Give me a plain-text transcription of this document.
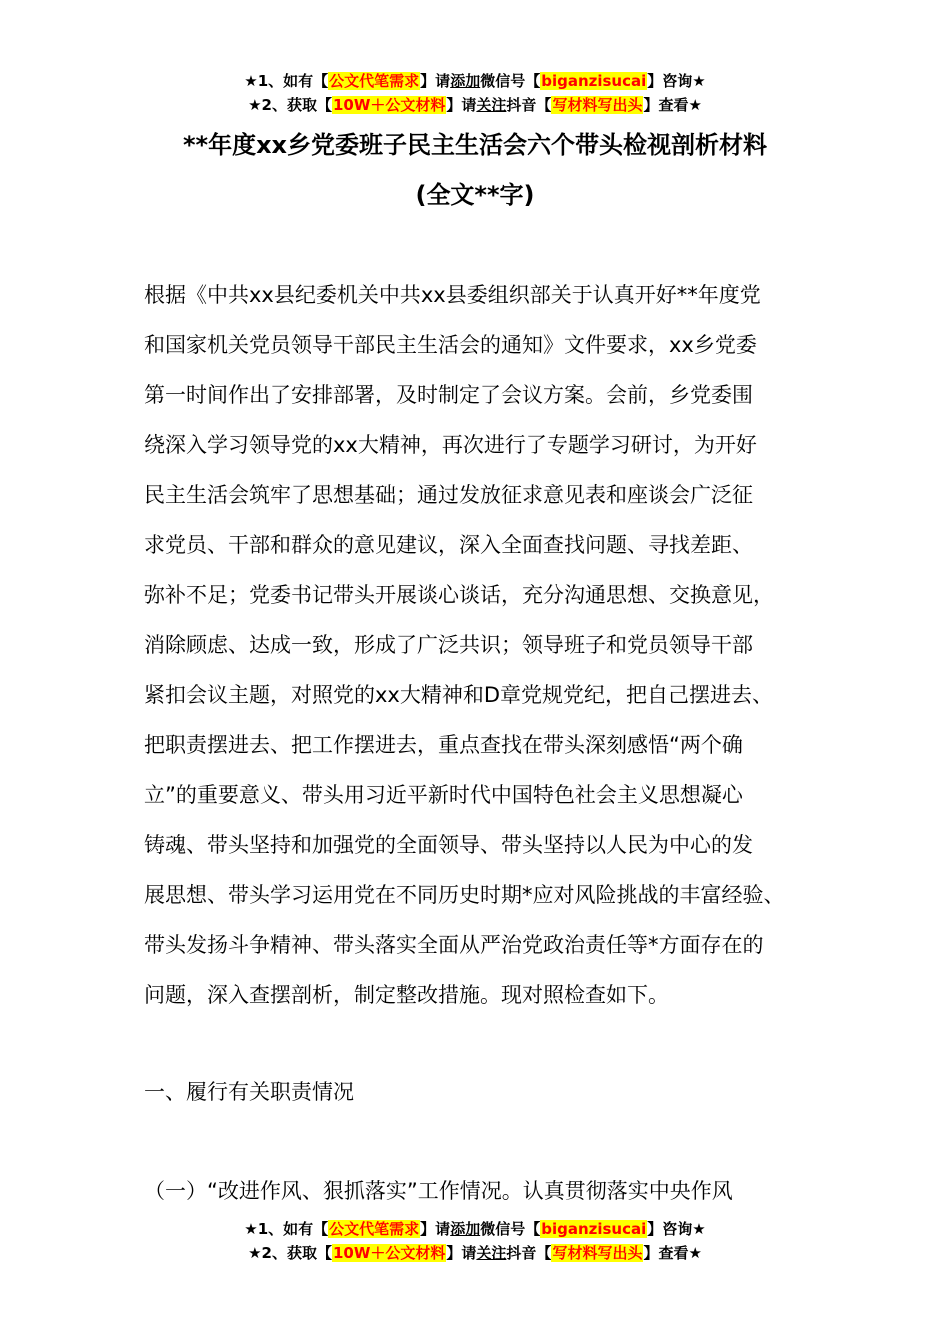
★1、如有【公文代笔需求】请添加微信号【biganzisucai】咨询★
★2、获取【10W＋公文材料】请关注抖音【写材料写出头】查看★
**年度xx乡党委班子民主生活会六个带头检视剖析材料
(全文**字)
根据《中共xx县纪委机关中共xx县委组织部关于认真开好**年度党
和国家机关党员领导干部民主生活会的通知》文件要求，xx乡党委
第一时间作出了安排部署，及时制定了会议方案。会前，乡党委围
绕深入学习领导党的xx大精神，再次进行了专题学习研讨，为开好
民主生活会筑牢了思想基础；通过发放征求意见表和座谈会广泛征
求党员、干部和群众的意见建议，深入全面查找问题、寻找差距、
弥补不足；党委书记带头开展谈心谈话，充分沟通思想、交换意见，
消除顾虑、达成一致，形成了广泛共识；领导班子和党员领导干部
紧扣会议主题，对照党的xx大精神和D章党规党纪，把自己摆进去、
把职责摆进去、把工作摆进去，重点查找在带头深刻感悟“两个确
立”的重要意义、带头用习近平新时代中国特色社会主义思想凝心
铸魂、带头坚持和加强党的全面领导、带头坚持以人民为中心的发
展思想、带头学习运用党在不同历史时期*应对风险挑战的丰富经验、
带头发扬斗争精神、带头落实全面从严治党政治责任等*方面存在的
问题，深入查摆剖析，制定整改措施。现对照检查如下。
一、履行有关职责情况
（一）“改进作风、狠抓落实”工作情况。认真贯彻落实中央作风
★1、如有【公文代笔需求】请添加微信号【biganzisucai】咨询★
★2、获取【10W＋公文材料】请关注抖音【写材料写出头】查看★
